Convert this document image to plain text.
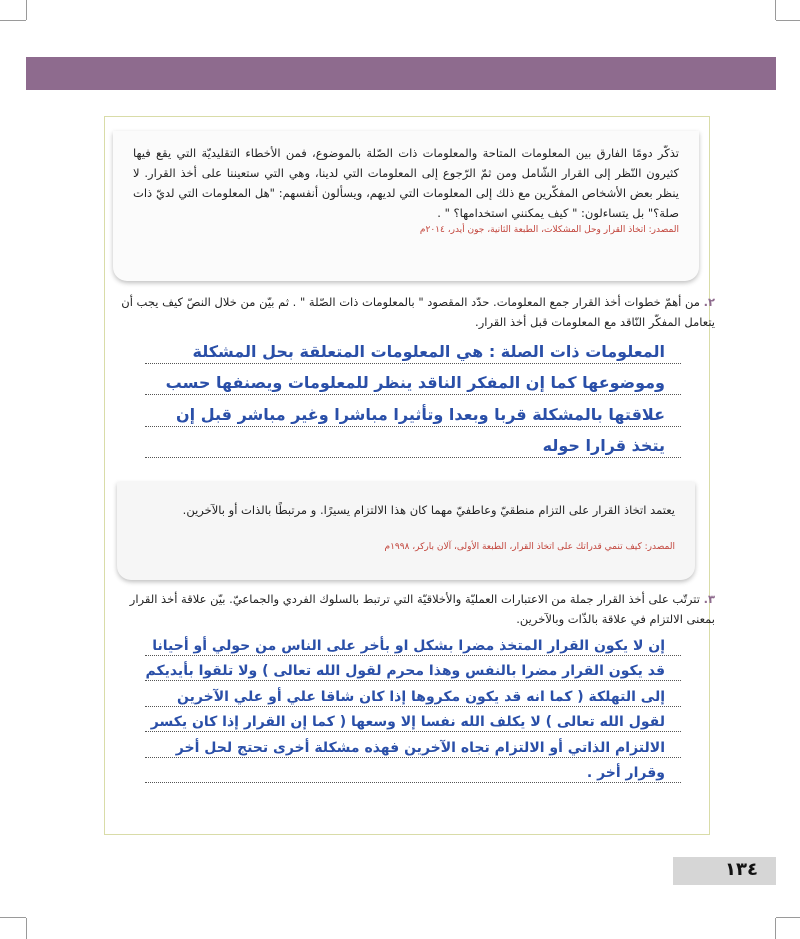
تذكّر دومًا الفارق بين المعلومات المتاحة والمعلومات ذات الصّلة بالموضوع، فمن الأخطاء التقليديّة التي يقع فيها كثيرون النّظر إلى القرار الشّامل ومن ثمّ الرّجوع إلى المعلومات التي لدينا، وهي التي ستعيننا على أخذ القرار. لا ينظر بعض الأشخاص المفكّرين مع ذلك إلى المعلومات التي لديهم، ويسألون أنفسهم: "هل المعلومات التي لديّ ذات صلة؟" بل يتساءلون: " كيف يمكنني استخدامها؟ " .
المصدر: اتخاذ القرار وحل المشكلات، الطبعة الثانية، جون أيدر، ٢٠١٤م
٢. من أهمّ خطوات أخذ القرار جمع المعلومات. حدّد المقصود " بالمعلومات ذات الصّلة " . ثم بيّن من خلال النصّ كيف يجب أن يتعامل المفكّر النّاقد مع المعلومات قبل أخذ القرار.
المعلومات ذات الصلة : هي المعلومات المتعلقة بحل المشكلة
وموضوعها كما إن المفكر الناقد ينظر للمعلومات ويصنفها حسب
علاقتها بالمشكلة قربا وبعدا وتأثيرا مباشرا وغير مباشر قبل إن
يتخذ قرارا حوله
يعتمد اتخاذ القرار على التزام منطقيّ وعاطفيّ مهما كان هذا الالتزام يسيرًا. و مرتبطًا بالذات أو بالآخرين.
المصدر: كيف تنمي قدراتك على اتخاذ القرار، الطبعة الأولى، آلان باركر، ١٩٩٨م
٣. تترتّب على أخذ القرار جملة من الاعتبارات العمليّة والأخلاقيّة التي ترتبط بالسلوك الفردي والجماعيّ. بيّن علاقة أخذ القرار بمعنى الالتزام في علاقة بالذّات وبالآخرين.
إن لا يكون القرار المتخذ مضرا بشكل او بأخر على الناس من حولي أو أحيانا
قد يكون القرار مضرا بالنفس وهذا محرم لقول الله تعالى ) ولا تلقوا بأيديكم
إلى التهلكة ( كما انه قد يكون مكروها إذا كان شاقا علي أو علي الآخرين
لقول الله تعالى ) لا يكلف الله نفسا إلا وسعها ( كما إن القرار إذا كان يكسر
الالتزام الذاتي أو الالتزام تجاه الآخرين فهذه مشكلة أخرى تحتج لحل أخر
وقرار أخر .
١٣٤
